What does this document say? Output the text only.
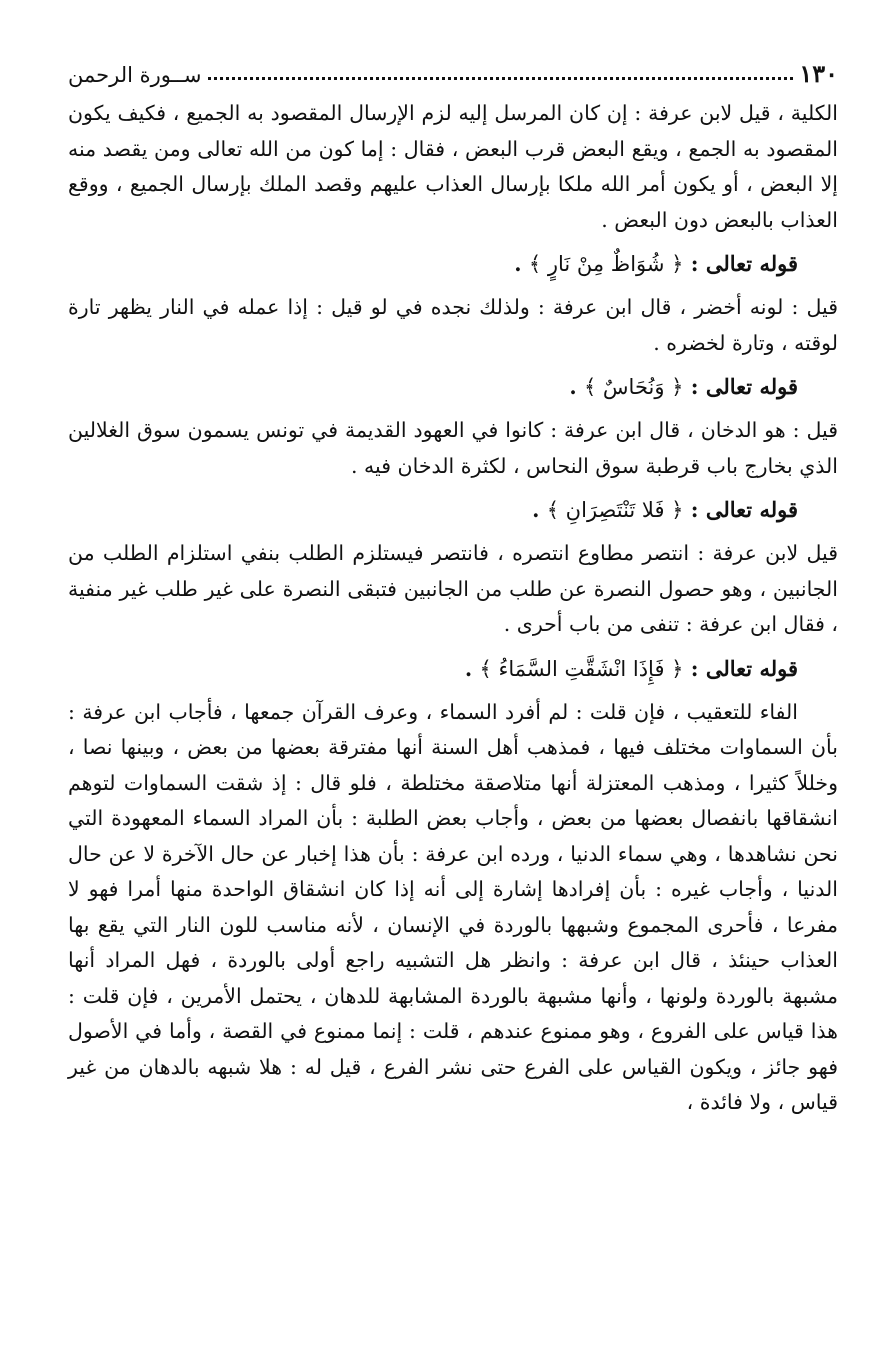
١٣٠
ســورة الرحمن

الكلية ، قيل لابن عرفة : إن كان المرسل إليه لزم الإرسال المقصود به الجميع ، فكيف يكون المقصود به الجمع ، ويقع البعض قرب البعض ، فقال : إما كون من الله تعالى ومن يقصد منه إلا البعض ، أو يكون أمر الله ملكا بإرسال العذاب عليهم وقصد الملك بإرسال الجميع ، ووقع العذاب بالبعض دون البعض .

قوله تعالى : ﴿ شُوَاظٌ مِنْ نَارٍ ﴾ .

قيل : لونه أخضر ، قال ابن عرفة : ولذلك نجده في لو قيل : إذا عمله في النار يظهر تارة لوقته ، وتارة لخضره .

قوله تعالى : ﴿ وَنُحَاسٌ ﴾ .

قيل : هو الدخان ، قال ابن عرفة : كانوا في العهود القديمة في تونس يسمون سوق الغلالين الذي بخارج باب قرطبة سوق النحاس ، لكثرة الدخان فيه .

قوله تعالى : ﴿ فَلا تَنْتَصِرَانِ ﴾ .

قيل لابن عرفة : انتصر مطاوع انتصره ، فانتصر فيستلزم الطلب بنفي استلزام الطلب من الجانبين ، وهو حصول النصرة عن طلب من الجانبين فتبقى النصرة على غير طلب غير منفية ، فقال ابن عرفة : تنفى من باب أحرى .

قوله تعالى : ﴿ فَإِذَا انْشَقَّتِ السَّمَاءُ ﴾ .

الفاء للتعقيب ، فإن قلت : لم أفرد السماء ، وعرف القرآن جمعها ، فأجاب ابن عرفة : بأن السماوات مختلف فيها ، فمذهب أهل السنة أنها مفترقة بعضها من بعض ، وبينها نصا ، وخللاً كثيرا ، ومذهب المعتزلة أنها متلاصقة مختلطة ، فلو قال : إذ شقت السماوات لتوهم انشقاقها بانفصال بعضها من بعض ، وأجاب بعض الطلبة : بأن المراد السماء المعهودة التي نحن نشاهدها ، وهي سماء الدنيا ، ورده ابن عرفة : بأن هذا إخبار عن حال الآخرة لا عن حال الدنيا ، وأجاب غيره : بأن إفرادها إشارة إلى أنه إذا كان انشقاق الواحدة منها أمرا فهو لا مفرعا ، فأحرى المجموع وشبهها بالوردة في الإنسان ، لأنه مناسب للون النار التي يقع بها العذاب حينئذ ، قال ابن عرفة : وانظر هل التشبيه راجع أولى بالوردة ، فهل المراد أنها مشبهة بالوردة ولونها ، وأنها مشبهة بالوردة المشابهة للدهان ، يحتمل الأمرين ، فإن قلت : هذا قياس على الفروع ، وهو ممنوع عندهم ، قلت : إنما ممنوع في القصة ، وأما في الأصول فهو جائز ، ويكون القياس على الفرع حتى نشر الفرع ، قيل له : هلا شبهه بالدهان من غير قياس ، ولا فائدة ،
